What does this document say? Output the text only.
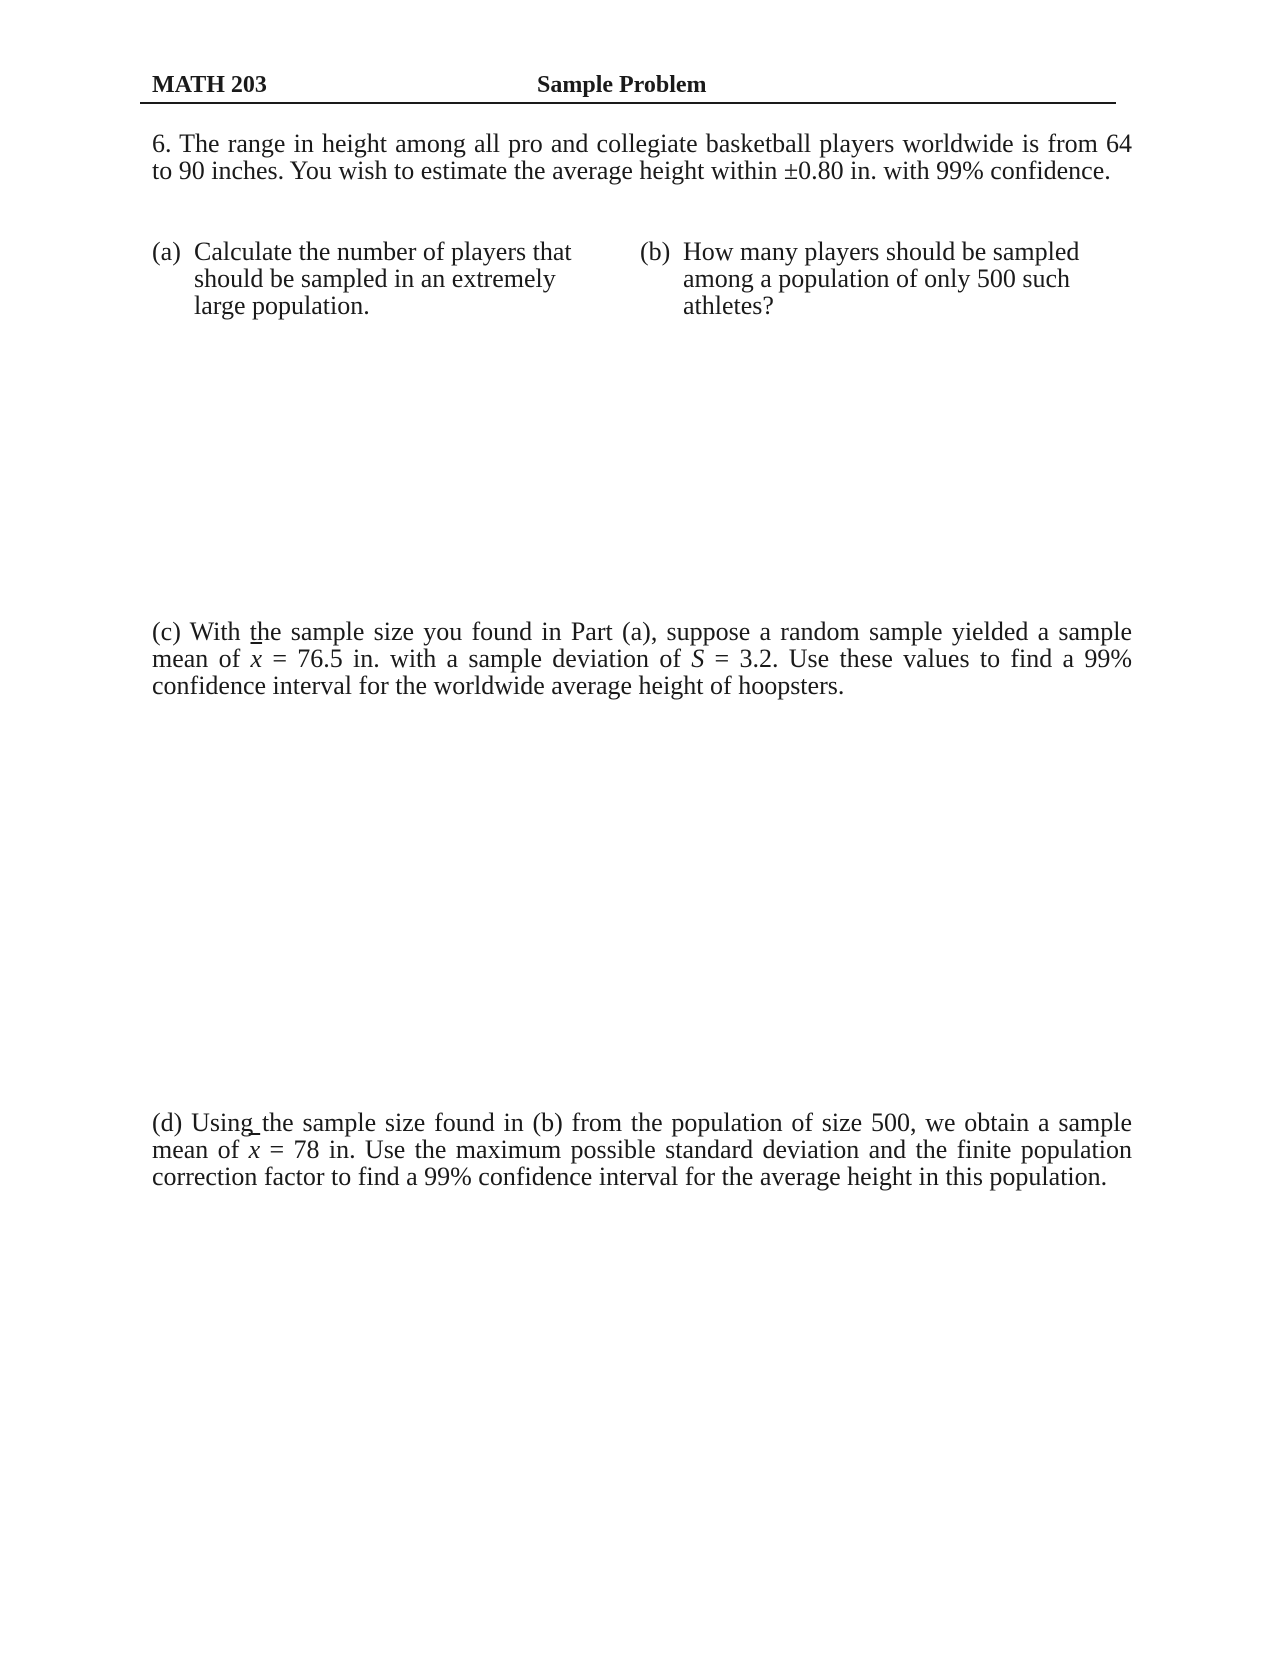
MATH 203	Sample Problem
6. The range in height among all pro and collegiate basketball players worldwide is from 64 to 90 inches. You wish to estimate the average height within ±0.80 in. with 99% confidence.
(a) Calculate the number of players that should be sampled in an extremely large population.
(b) How many players should be sampled among a population of only 500 such athletes?
(c) With the sample size you found in Part (a), suppose a random sample yielded a sample mean of $\overline{x} = 76.5$ in. with a sample deviation of S = 3.2. Use these values to find a 99% confidence interval for the worldwide average height of hoopsters.
(d) Using the sample size found in (b) from the population of size 500, we obtain a sample mean of $\overline{x} = 78$ in. Use the maximum possible standard deviation and the finite population correction factor to find a 99% confidence interval for the average height in this population.
